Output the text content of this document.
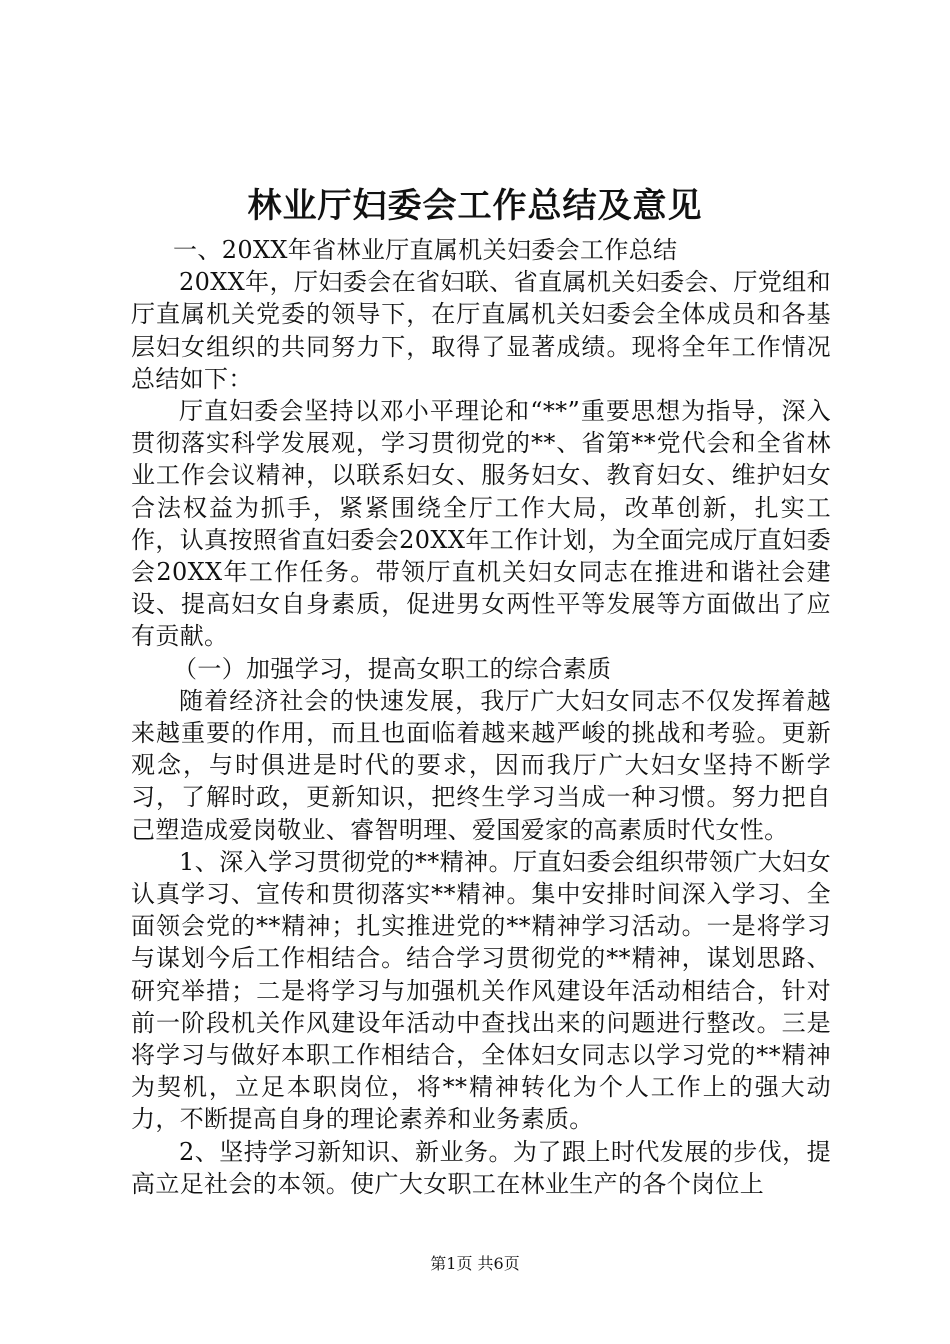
林业厅妇委会工作总结及意见

一、20XX年省林业厅直属机关妇委会工作总结

20XX年，厅妇委会在省妇联、省直属机关妇委会、厅党组和厅直属机关党委的领导下，在厅直属机关妇委会全体成员和各基层妇女组织的共同努力下，取得了显著成绩。现将全年工作情况总结如下：

厅直妇委会坚持以邓小平理论和“**”重要思想为指导，深入贯彻落实科学发展观，学习贯彻党的**、省第**党代会和全省林业工作会议精神，以联系妇女、服务妇女、教育妇女、维护妇女合法权益为抓手，紧紧围绕全厅工作大局，改革创新，扎实工作，认真按照省直妇委会20XX年工作计划，为全面完成厅直妇委会20XX年工作任务。带领厅直机关妇女同志在推进和谐社会建设、提高妇女自身素质，促进男女两性平等发展等方面做出了应有贡献。

（一）加强学习，提高女职工的综合素质

随着经济社会的快速发展，我厅广大妇女同志不仅发挥着越来越重要的作用，而且也面临着越来越严峻的挑战和考验。更新观念，与时俱进是时代的要求，因而我厅广大妇女坚持不断学习，了解时政，更新知识，把终生学习当成一种习惯。努力把自己塑造成爱岗敬业、睿智明理、爱国爱家的高素质时代女性。

1、深入学习贯彻党的**精神。厅直妇委会组织带领广大妇女认真学习、宣传和贯彻落实**精神。集中安排时间深入学习、全面领会党的**精神；扎实推进党的**精神学习活动。一是将学习与谋划今后工作相结合。结合学习贯彻党的**精神，谋划思路、研究举措；二是将学习与加强机关作风建设年活动相结合，针对前一阶段机关作风建设年活动中查找出来的问题进行整改。三是将学习与做好本职工作相结合，全体妇女同志以学习党的**精神为契机，立足本职岗位，将**精神转化为个人工作上的强大动力，不断提高自身的理论素养和业务素质。

2、坚持学习新知识、新业务。为了跟上时代发展的步伐，提高立足社会的本领。使广大女职工在林业生产的各个岗位上

第1页 共6页
